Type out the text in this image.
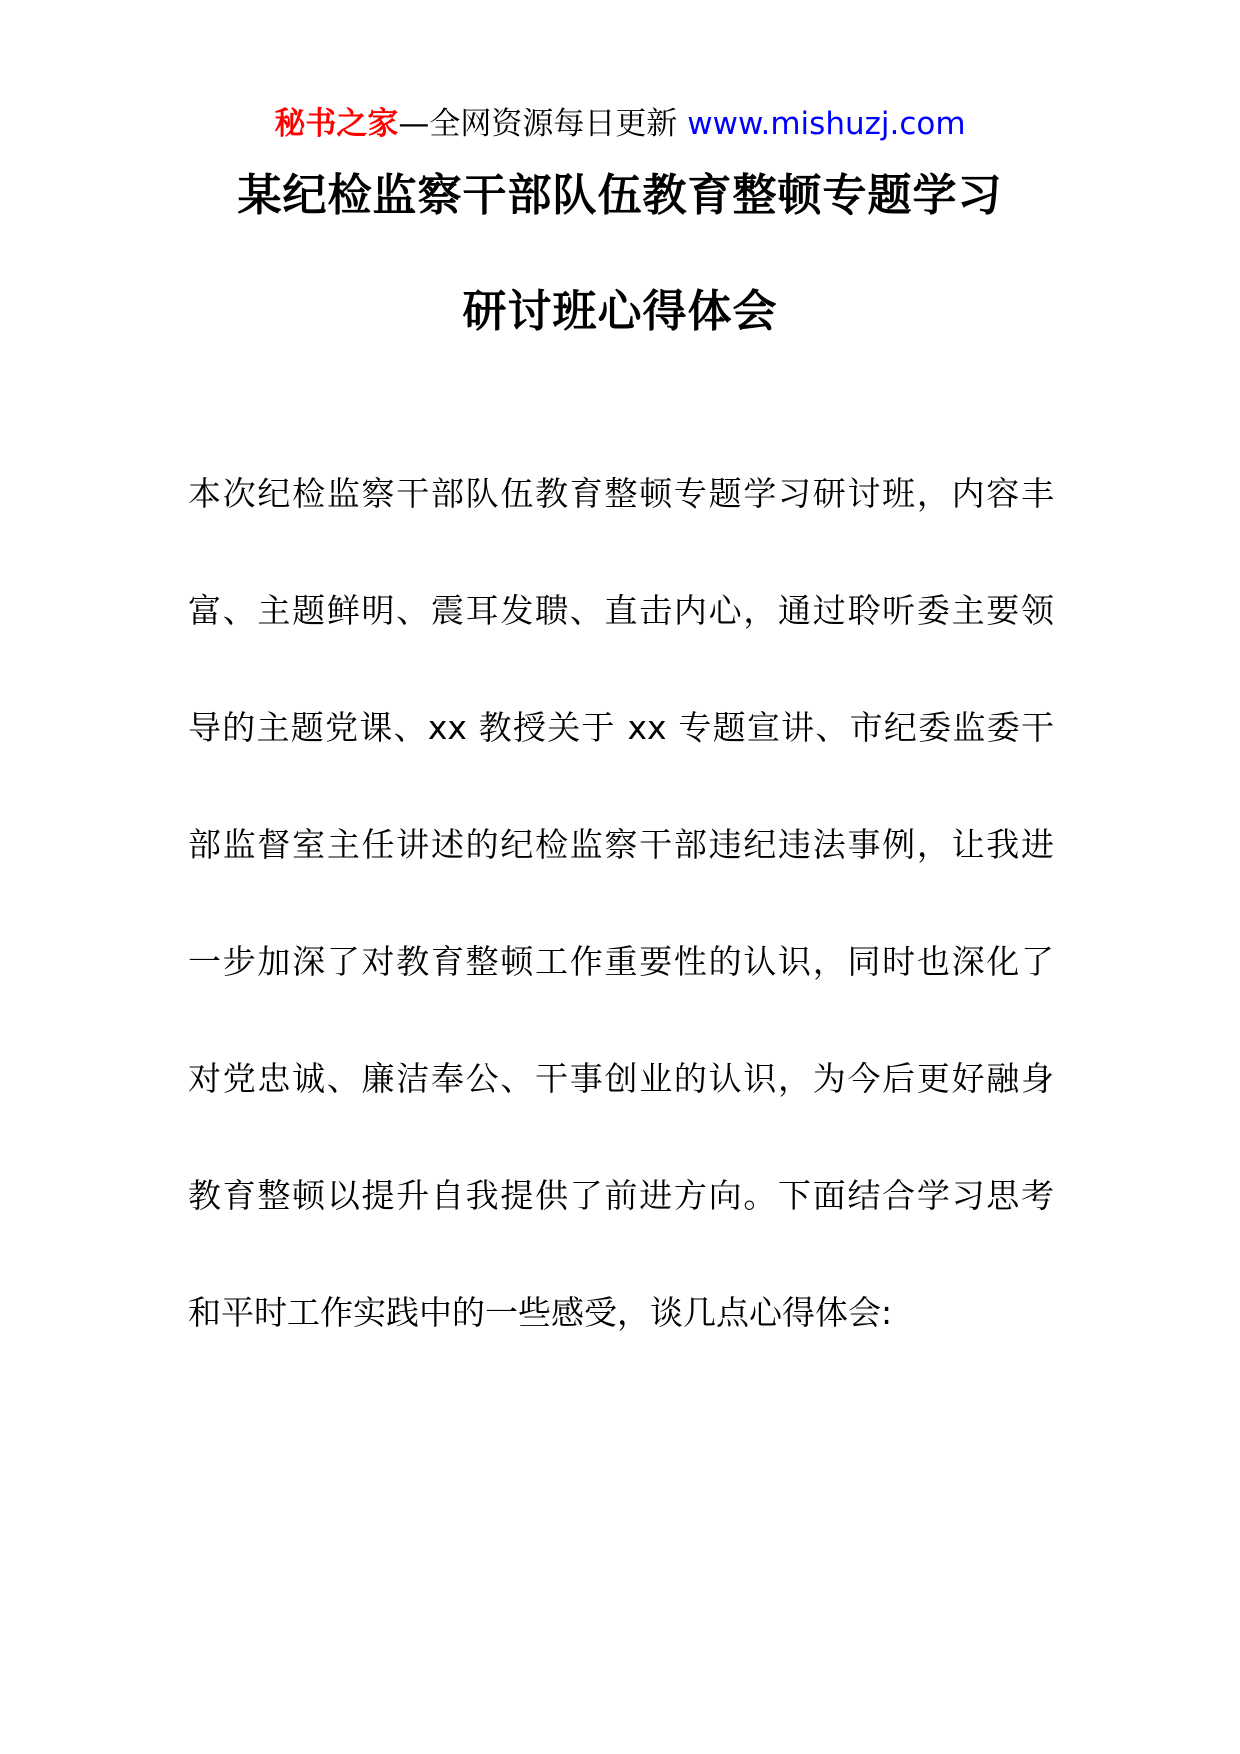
秘书之家—全网资源每日更新 www.mishuzj.com
某纪检监察干部队伍教育整顿专题学习
研讨班心得体会
本次纪检监察干部队伍教育整顿专题学习研讨班，内容丰
富、主题鲜明、震耳发聩、直击内心，通过聆听委主要领
导的主题党课、xx 教授关于 xx 专题宣讲、市纪委监委干
部监督室主任讲述的纪检监察干部违纪违法事例，让我进
一步加深了对教育整顿工作重要性的认识，同时也深化了
对党忠诚、廉洁奉公、干事创业的认识，为今后更好融身
教育整顿以提升自我提供了前进方向。下面结合学习思考
和平时工作实践中的一些感受，谈几点心得体会:
